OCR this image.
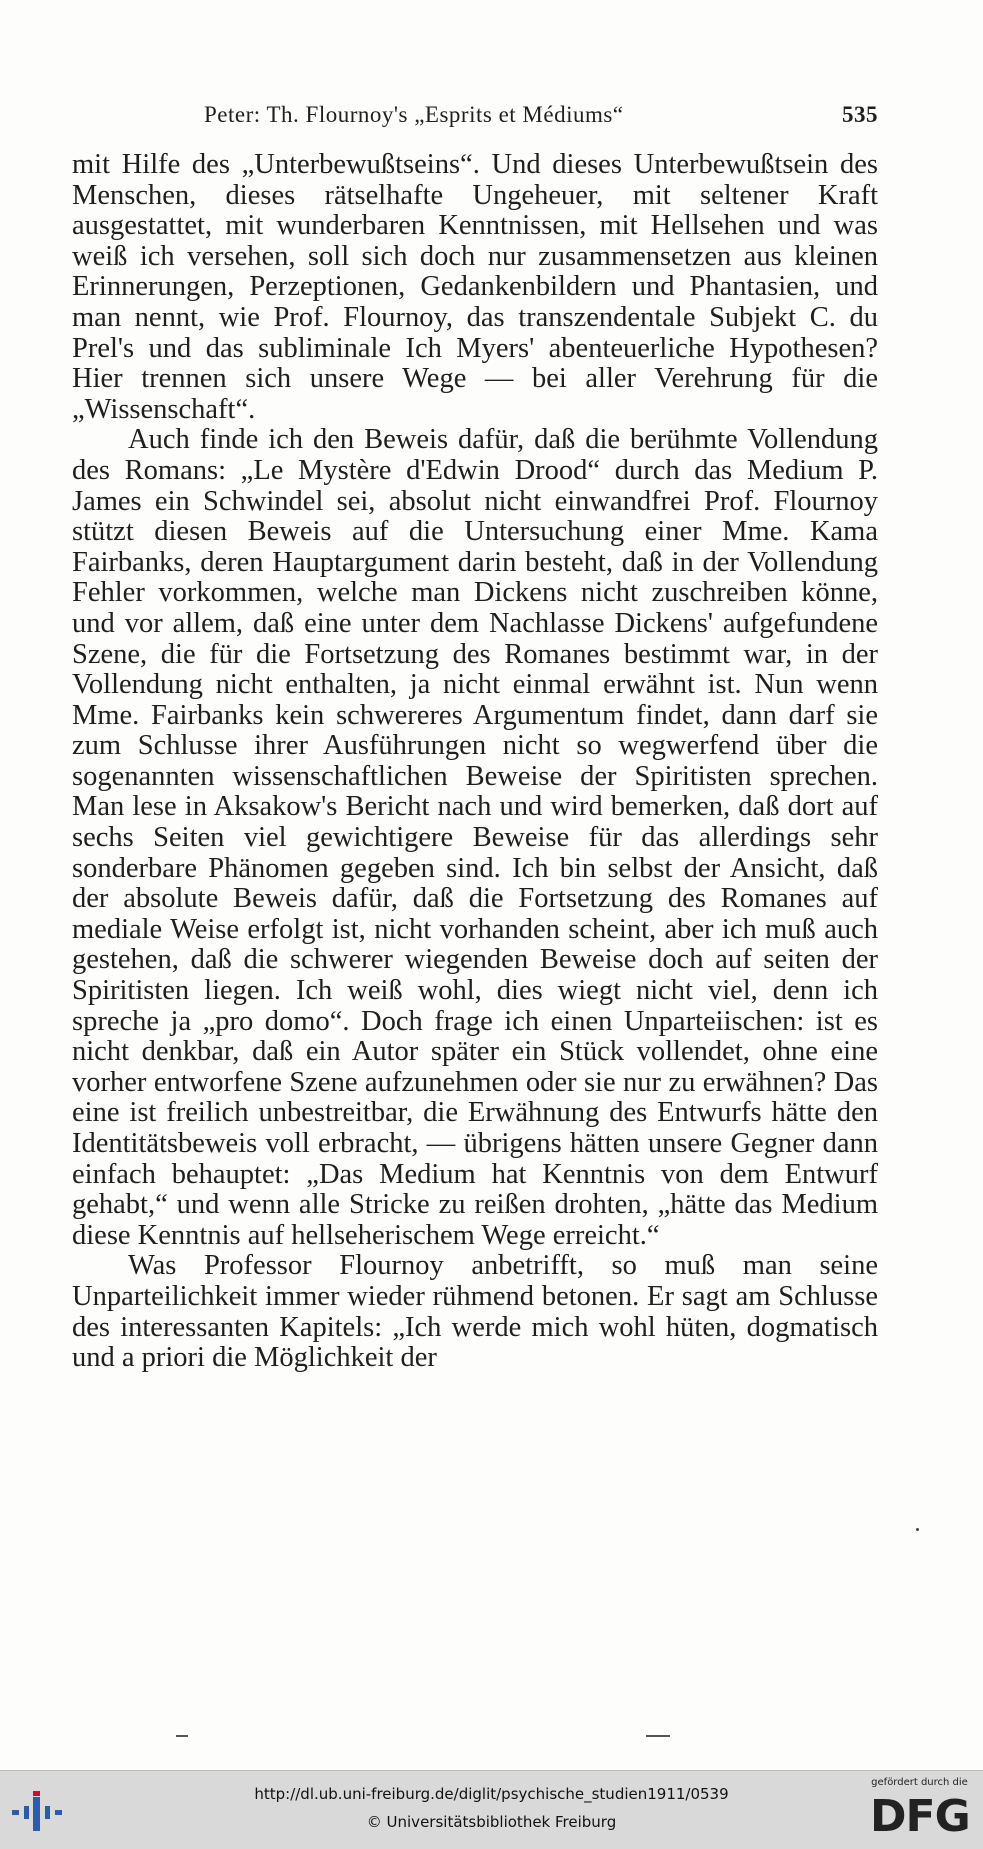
Peter: Th. Flournoy's „Esprits et Médiums“	535

mit Hilfe des „Unterbewußtseins“. Und dieses Unterbewußtsein des Menschen, dieses rätselhafte Ungeheuer, mit seltener Kraft ausgestattet, mit wunderbaren Kenntnissen, mit Hellsehen und was weiß ich versehen, soll sich doch nur zusammensetzen aus kleinen Erinnerungen, Perzeptionen, Gedankenbildern und Phantasien, und man nennt, wie Prof. Flournoy, das transzendentale Subjekt C. du Prel's und das subliminale Ich Myers' abenteuerliche Hypothesen? Hier trennen sich unsere Wege — bei aller Verehrung für die „Wissenschaft“.

Auch finde ich den Beweis dafür, daß die berühmte Vollendung des Romans: „Le Mystère d'Edwin Drood“ durch das Medium P. James ein Schwindel sei, absolut nicht einwandfrei Prof. Flournoy stützt diesen Beweis auf die Untersuchung einer Mme. Kama Fairbanks, deren Hauptargument darin besteht, daß in der Vollendung Fehler vorkommen, welche man Dickens nicht zuschreiben könne, und vor allem, daß eine unter dem Nachlasse Dickens' aufgefundene Szene, die für die Fortsetzung des Romanes bestimmt war, in der Vollendung nicht enthalten, ja nicht einmal erwähnt ist. Nun wenn Mme. Fairbanks kein schwereres Argumentum findet, dann darf sie zum Schlusse ihrer Ausführungen nicht so wegwerfend über die sogenannten wissenschaftlichen Beweise der Spiritisten sprechen. Man lese in Aksakow's Bericht nach und wird bemerken, daß dort auf sechs Seiten viel gewichtigere Beweise für das allerdings sehr sonderbare Phänomen gegeben sind. Ich bin selbst der Ansicht, daß der absolute Beweis dafür, daß die Fortsetzung des Romanes auf mediale Weise erfolgt ist, nicht vorhanden scheint, aber ich muß auch gestehen, daß die schwerer wiegenden Beweise doch auf seiten der Spiritisten liegen. Ich weiß wohl, dies wiegt nicht viel, denn ich spreche ja „pro domo“. Doch frage ich einen Unparteiischen: ist es nicht denkbar, daß ein Autor später ein Stück vollendet, ohne eine vorher entworfene Szene aufzunehmen oder sie nur zu erwähnen? Das eine ist freilich unbestreitbar, die Erwähnung des Entwurfs hätte den Identitätsbeweis voll erbracht, — übrigens hätten unsere Gegner dann einfach behauptet: „Das Medium hat Kenntnis von dem Entwurf gehabt,“ und wenn alle Stricke zu reißen drohten, „hätte das Medium diese Kenntnis auf hellseherischem Wege erreicht.“

Was Professor Flournoy anbetrifft, so muß man seine Unparteilichkeit immer wieder rühmend betonen. Er sagt am Schlusse des interessanten Kapitels: „Ich werde mich wohl hüten, dogmatisch und a priori die Möglichkeit der

http://dl.ub.uni-freiburg.de/diglit/psychische_studien1911/0539
© Universitätsbibliothek Freiburg
gefördert durch die
DFG
